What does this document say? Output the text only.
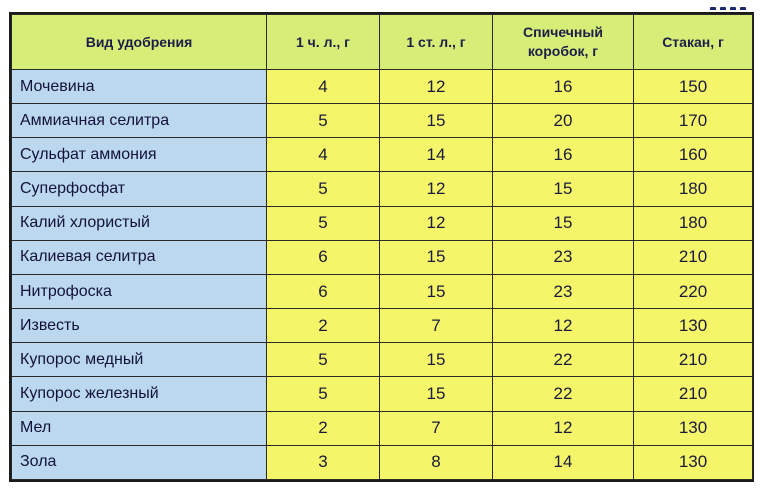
Вид удобрения	1 ч. л., г	1 ст. л., г	Спичечный коробок, г	Стакан, г
Мочевина	4	12	16	150
Аммиачная селитра	5	15	20	170
Сульфат аммония	4	14	16	160
Суперфосфат	5	12	15	180
Калий хлористый	5	12	15	180
Калиевая селитра	6	15	23	210
Нитрофоска	6	15	23	220
Известь	2	7	12	130
Купорос медный	5	15	22	210
Купорос железный	5	15	22	210
Мел	2	7	12	130
Зола	3	8	14	130
